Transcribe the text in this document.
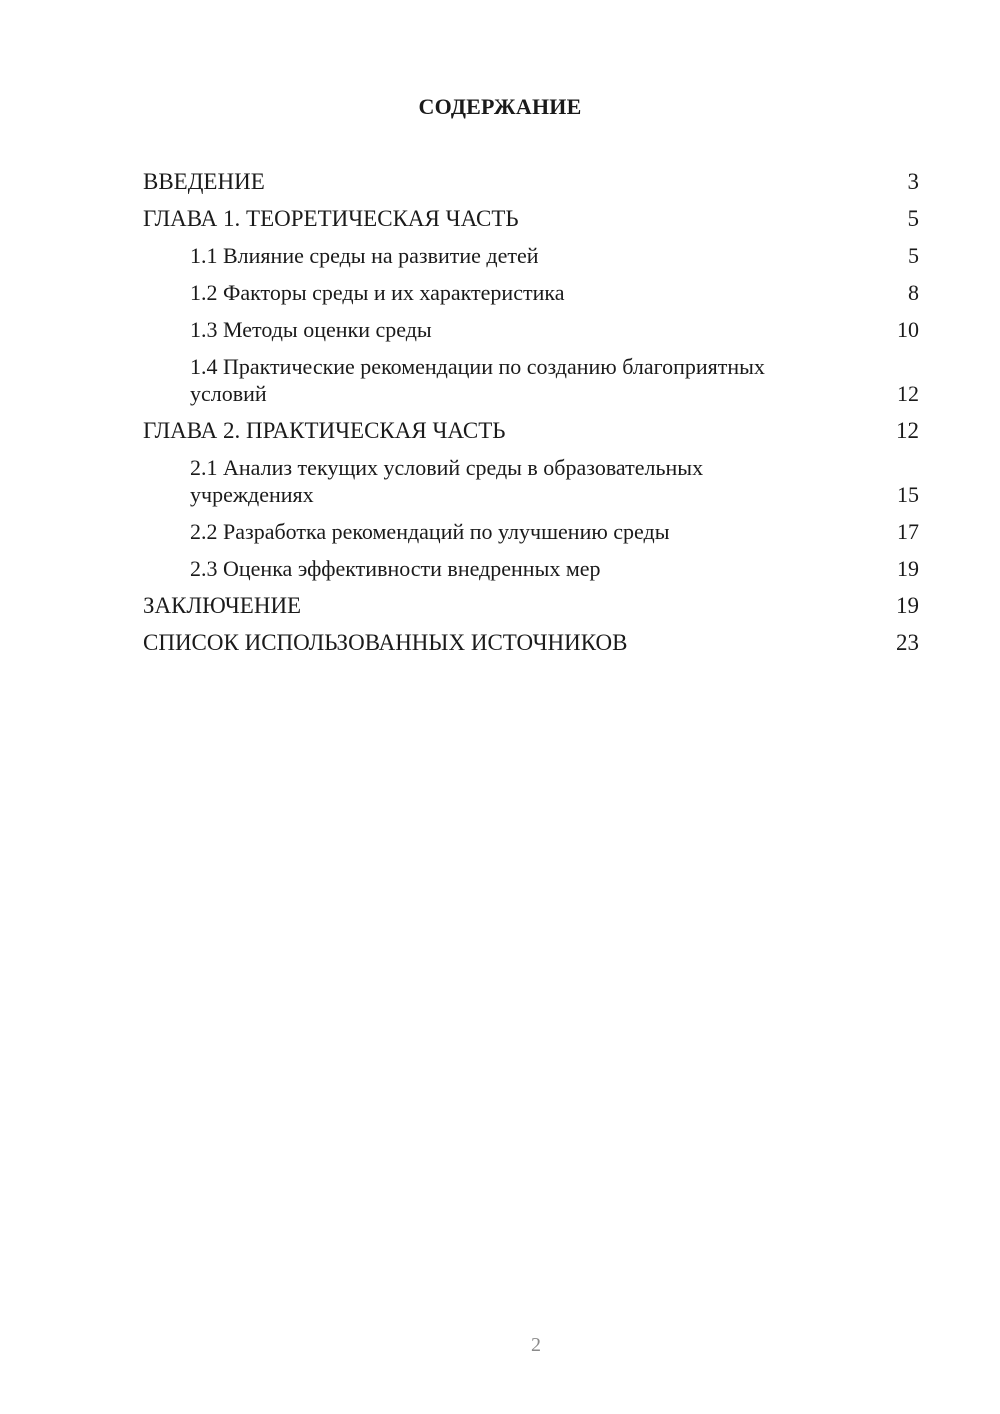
СОДЕРЖАНИЕ
ВВЕДЕНИЕ	3
ГЛАВА 1. ТЕОРЕТИЧЕСКАЯ ЧАСТЬ	5
1.1 Влияние среды на развитие детей	5
1.2 Факторы среды и их характеристика	8
1.3 Методы оценки среды	10
1.4 Практические рекомендации по созданию благоприятных условий	12
ГЛАВА 2. ПРАКТИЧЕСКАЯ ЧАСТЬ	12
2.1 Анализ текущих условий среды в образовательных учреждениях	15
2.2 Разработка рекомендаций по улучшению среды	17
2.3 Оценка эффективности внедренных мер	19
ЗАКЛЮЧЕНИЕ	19
СПИСОК ИСПОЛЬЗОВАННЫХ ИСТОЧНИКОВ	23

2
